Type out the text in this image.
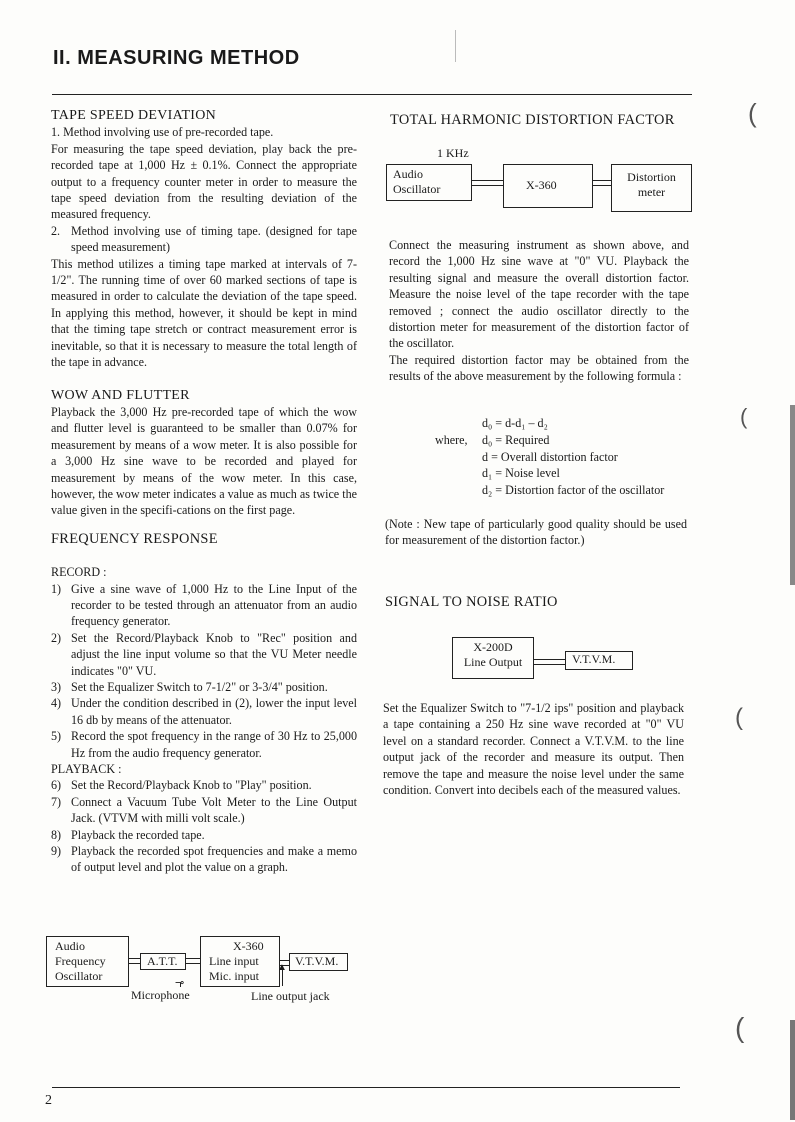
II. MEASURING METHOD
2
(
(
(
(

TAPE SPEED DEVIATION

1. Method involving use of pre-recorded tape.

For measuring the tape speed deviation, play back the pre-recorded tape at 1,000 Hz ± 0.1%. Connect the appropriate output to a frequency counter meter in order to measure the tape speed deviation from the resulting deviation of the measured frequency.

2. Method involving use of timing tape. (designed for tape speed measurement)

This method utilizes a timing tape marked at intervals of 7-1/2". The running time of over 60 marked sections of tape is measured in order to calculate the deviation of the tape speed. In applying this method, however, it should be kept in mind that the timing tape stretch or contract measurement error is inevitable, so that it is necessary to measure the total length of the tape in advance.

WOW AND FLUTTER

Playback the 3,000 Hz pre-recorded tape of which the wow and flutter level is guaranteed to be smaller than 0.07% for measurement by means of a wow meter. It is also possible for a 3,000 Hz sine wave to be recorded and played for measurement by means of the wow meter. In this case, however, the wow meter indicates a value as much as twice the value given in the specifi-cations on the first page.

FREQUENCY RESPONSE

RECORD :

1) Give a sine wave of 1,000 Hz to the Line Input of the recorder to be tested through an attenuator from an audio frequency generator.
2) Set the Record/Playback Knob to "Rec" position and adjust the line input volume so that the VU Meter needle indicates "0" VU.
3) Set the Equalizer Switch to 7-1/2" or 3-3/4" position.
4) Under the condition described in (2), lower the input level 16 db by means of the attenuator.
5) Record the spot frequency in the range of 30 Hz to 25,000 Hz from the audio frequency generator.

PLAYBACK :

6) Set the Record/Playback Knob to "Play" position.
7) Connect a Vacuum Tube Volt Meter to the Line Output Jack. (VTVM with milli volt scale.)
8) Playback the recorded tape.
9) Playback the recorded spot frequencies and make a memo of output level and plot the value on a graph.
Audio
Frequency
Oscillator
A.T.T.
X-360
Line input
Mic. input
V.T.V.M.
⊸
▲
Microphone	Line output jack
TOTAL HARMONIC DISTORTION FACTOR
1 KHz
Audio
Oscillator	X-360
Distortion
meter

Connect the measuring instrument as shown above, and record the 1,000 Hz sine wave at "0" VU. Playback the resulting signal and measure the overall distortion factor. Measure the noise level of the tape recorder with the tape removed ; connect the audio oscillator directly to the distortion meter for measurement of the distortion factor of the oscillator.

The required distortion factor may be obtained from the results of the above measurement by the following formula :

d₀ = d-d₁ – d₂
where, d₀ = Required
d = Overall distortion factor
d₁ = Noise level
d₂ = Distortion factor of the oscillator

(Note : New tape of particularly good quality should be used for measurement of the distortion factor.)

SIGNAL TO NOISE RATIO
X-200D
Line Output	V.T.V.M.

Set the Equalizer Switch to "7-1/2 ips" position and playback a tape containing a 250 Hz sine wave recorded at "0" VU level on a standard recorder. Connect a V.T.V.M. to the line output jack of the recorder and measure its output. Then remove the tape and measure the noise level under the same condition. Convert into decibels each of the measured values.
